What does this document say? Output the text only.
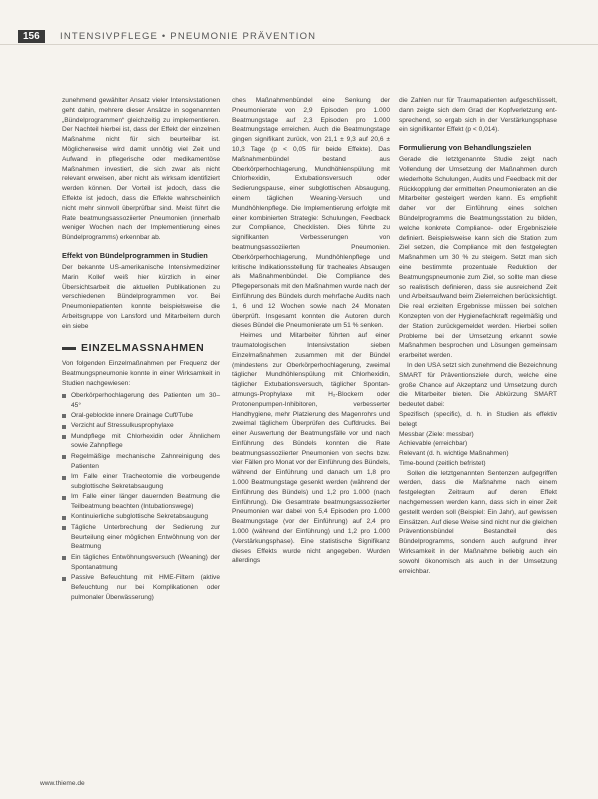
156	INTENSIVPFLEGE • PNEUMONIE PRÄVENTION

zunehmend gewählter Ansatz vieler Intensivstationen geht dahin, mehrere dieser Ansätze in sogenannten „Bündelprogrammen“ gleichzeitig zu implementieren. Der Nachteil hierbei ist, dass der Effekt der einzelnen Maßnahme nicht für sich beurteilbar ist. Möglicherweise wird damit unnötig viel Zeit und Aufwand in pflegerische oder medikamentöse Maßnahmen investiert, die sich zwar als nicht relevant erweisen, aber nicht als wirksam identifiziert werden können. Der Vorteil ist jedoch, dass die Effekte ist jedoch, dass die Effekte wahrscheinlich nicht mehr sinnvoll überprüfbar sind. Meist führt die Rate beatmungsassoziierter Pneumonien (innerhalb weniger Wochen nach der Implementierung eines Bündelprogramms) erkennbar ab.

Effekt von Bündelprogrammen in Studien

Der bekannte US-amerikanische Intensivmediziner Marin Kollef weiß hier kürzlich in einer Übersichtsarbeit die aktuellen Publikationen zu verschiedenen Bündelprogrammen vor. Bei Pneumoniepatienten konnte beispielsweise die Arbeitsgruppe von Lansford und Mitarbeitern durch ein siebe

EINZELMASSNAHMEN

Von folgenden Einzelmaßnahmen per Frequenz der Beatmungspneumonie konnte in einer Wirksamkeit in Studien nachgewiesen:

Oberkörperhochlagerung des Patienten um 30–45°
Oral-geblockte innere Drainage Cuff/Tube
Verzicht auf Stressulkusprophylaxe
Mundpflege mit Chlorhexidin oder Ähnlichem sowie Zahnpflege
Regelmäßige mechanische Zahnreinigung des Patienten
Im Falle einer Tracheotomie die vorbeugende subglottische Sekretabsaugung
Im Falle einer länger dauernden Beatmung die Teilbeatmung beachten (Intubationswege)
Kontinuierliche subglottische Sekretabsaugung
Tägliche Unterbrechung der Sedierung zur Beurteilung einer möglichen Entwöhnung von der Beatmung
Ein tägliches Entwöhnungsversuch (Weaning) der Spontanatmung
Passive Befeuchtung mit HME-Filtern (aktive Befeuchtung nur bei Komplikationen oder pulmonaler Überwässerung)

ches Maßnahmenbündel eine Senkung der Pneumonierate von 2,9 Episoden pro 1.000 Beatmungstage auf 2,3 Episoden pro 1.000 Beatmungstage erreichen. Auch die Beatmungstage gingen signifikant zurück, von 21,1 ± 9,3 auf 20,6 ± 10,3 Tage (p < 0,05 für beide Effekte). Das Maßnahmenbündel bestand aus Oberkörperhochlagerung, Mundhöhlenspülung mit Chlorhexidin, Extubationsversuch oder Sedierungspause, einer subglottischen Absaugung, einem täglichen Weaning-Versuch und Mundhöhlenpflege. Die Implementierung erfolgte mit einer kombinierten Strategie: Schulungen, Feedback zur Compliance, Checklisten. Dies führte zu signifikanten Verbesserungen von beatmungsassoziierten Pneumonien. Oberkörperhochlagerung, Mundhöhlenpflege und kritische Indikationsstellung für tracheales Absaugen als Maßnahmenbündel. Die Compliance des Pflegepersonals mit den Maßnahmen wurde nach der Einführung des Bündels durch mehrfache Audits nach 1, 6 und 12 Wochen sowie nach 24 Monaten überprüft. Insgesamt konnten die Autoren durch dieses Bündel die Pneumonierate um 51 % senken.

Heimes und Mitarbeiter führten auf einer traumatologischen Intensivstation sieben Einzelmaßnahmen zusammen mit der Bündel (mindestens zur Oberkörperhochlagerung, zweimal täglicher Mundhöhlenspülung mit Chlorhexidin, täglicher Extubationsversuch, täglicher Spontanatmungs-Prophylaxe mit H₂-Blockern oder Protonenpumpen-Inhibitoren, verbesserter Handhygiene, mehr Platzierung des Magenrohrs und zweimal täglichem Überprüfen des Cuffdrucks. Bei einer Auswertung der Beatmungsfälle vor und nach Einführung des Bündels konnten die Rate beatmungsassoziierter Pneumonien von sechs bzw. vier Fällen pro Monat vor der Einführung des Bündels, während der Einführung und danach um 1,8 pro 1.000 Beatmungstage gesenkt werden (während der Einführung des Bündels) und 1,2 pro 1.000 (nach Einführung). Die Gesamtrate beatmungsassoziierter Pneumonien war dabei von 5,4 Episoden pro 1.000 Beatmungstage (vor der Einführung) auf 2,4 pro 1.000 (während der Einführung) und 1,2 pro 1.000 (Verstärkungsphase). Eine statistische Signifikanz dieses Effekts wurde nicht angegeben. Wurden allerdings

die Zahlen nur für Traumapatienten aufgeschlüsselt, dann zeigte sich dem Grad der Kopfverletzung entsprechend, so ergab sich in der Verstärkungsphase ein signifikanter Effekt (p < 0,014).

Formulierung von Behandlungszielen

Gerade die letztgenannte Studie zeigt nach Vollendung der Umsetzung der Maßnahmen durch wiederholte Schulungen, Audits und Feedback mit der Rückkopplung der ermittelten Pneumonieraten an die Mitarbeiter gesteigert werden kann. Es empfiehlt daher vor der Einführung eines solchen Bündelprogramms die Beatmungsstation zu bilden, welche konkrete Compliance- oder Ergebnisziele definiert. Beispielsweise kann sich die Station zum Ziel setzen, die Compliance mit den festgelegten Maßnahmen um 30 % zu steigern. Setzt man sich eine bestimmte prozentuale Reduktion der Beatmungspneumonie zum Ziel, so sollte man diese so realistisch definieren, dass sie ausreichend Zeit und Arbeitsaufwand beim Zielerreichen berücksichtigt. Die real erzielten Ergebnisse müssen bei solchen Konzepten von der Hygienefachkraft regelmäßig und der Station zurückgemeldet werden. Hierbei sollen Probleme bei der Umsetzung erkannt sowie Maßnahmen besprochen und Lösungen gemeinsam erarbeitet werden.

In den USA setzt sich zunehmend die Bezeichnung SMART für Präventionsziele durch, welche eine große Chance auf Akzeptanz und Umsetzung durch die Mitarbeiter bieten. Die Abkürzung SMART bedeutet dabei:

Spezifisch (specific), d. h. in Studien als effektiv belegt
Messbar (Ziele: messbar)
Achievable (erreichbar)
Relevant (d. h. wichtige Maßnahmen)
Time-bound (zeitlich befristet)

Sollen die letztgenannten Sentenzen aufgegriffen werden, dass die Maßnahme nach einem festgelegten Zeitraum auf deren Effekt nachgemessen werden kann, dass sich in einer Zeit gestellt werden soll (Beispiel: Ein Jahr), auf gewissen Einsätzen. Auf diese Weise sind nicht nur die gleichen Präventionsbündel Bestandteil des Bündelprogramms, sondern auch aufgrund ihrer Wirksamkeit in der Maßnahme beliebig auch ein sowohl ökonomisch als auch in der Umsetzung erreichbar.

www.thieme.de
